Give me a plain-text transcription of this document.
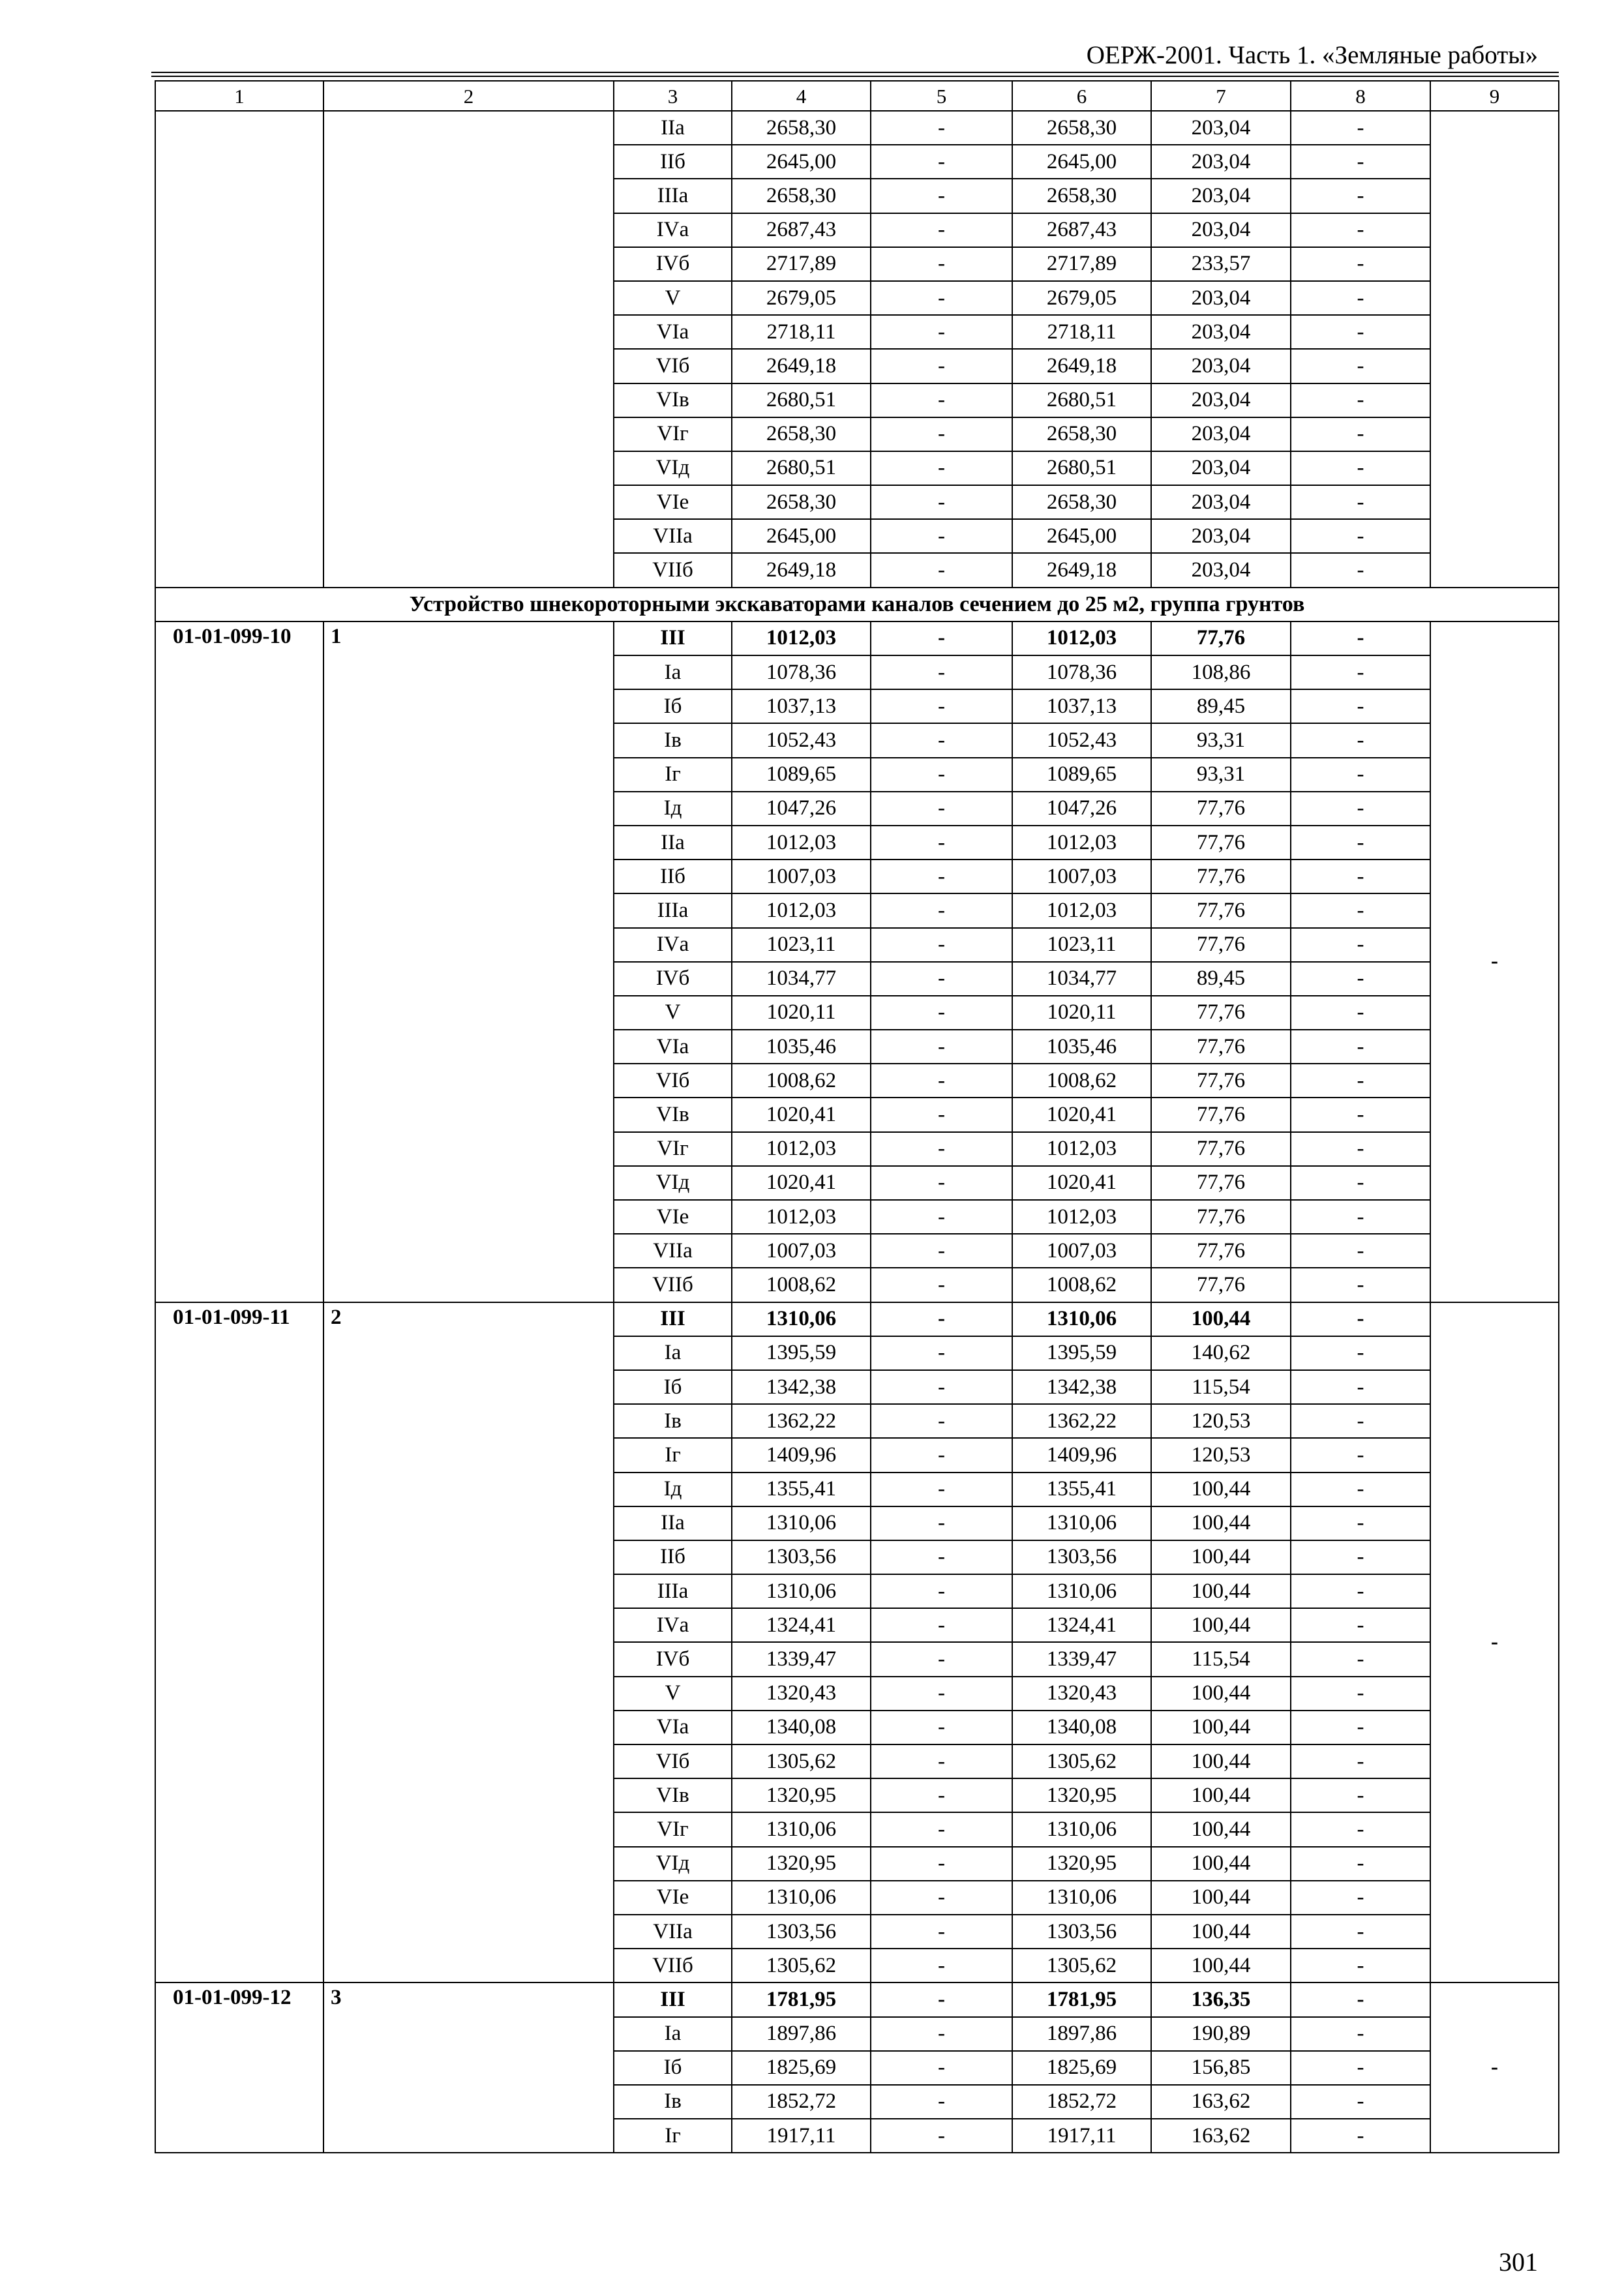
ОЕРЖ-2001. Часть 1. «Земляные работы»
1	2	3	4	5	6	7	8	9
		IIа	2658,30	-	2658,30	203,04	-	
		IIб	2645,00	-	2645,00	203,04	-	
		IIIа	2658,30	-	2658,30	203,04	-	
		IVа	2687,43	-	2687,43	203,04	-	
		IVб	2717,89	-	2717,89	233,57	-	
		V	2679,05	-	2679,05	203,04	-	
		VIа	2718,11	-	2718,11	203,04	-	
		VIб	2649,18	-	2649,18	203,04	-	
		VIв	2680,51	-	2680,51	203,04	-	
		VIг	2658,30	-	2658,30	203,04	-	
		VIд	2680,51	-	2680,51	203,04	-	
		VIе	2658,30	-	2658,30	203,04	-	
		VIIа	2645,00	-	2645,00	203,04	-	
		VIIб	2649,18	-	2649,18	203,04	-	
Устройство шнекороторными экскаваторами каналов сечением до 25 м2, группа грунтов								
01-01-099-10	1	III	1012,03	-	1012,03	77,76	-	-
		Iа	1078,36	-	1078,36	108,86	-	
		Iб	1037,13	-	1037,13	89,45	-	
		Iв	1052,43	-	1052,43	93,31	-	
		Iг	1089,65	-	1089,65	93,31	-	
		Iд	1047,26	-	1047,26	77,76	-	
		IIа	1012,03	-	1012,03	77,76	-	
		IIб	1007,03	-	1007,03	77,76	-	
		IIIа	1012,03	-	1012,03	77,76	-	
		IVа	1023,11	-	1023,11	77,76	-	
		IVб	1034,77	-	1034,77	89,45	-	
		V	1020,11	-	1020,11	77,76	-	
		VIа	1035,46	-	1035,46	77,76	-	
		VIб	1008,62	-	1008,62	77,76	-	
		VIв	1020,41	-	1020,41	77,76	-	
		VIг	1012,03	-	1012,03	77,76	-	
		VIд	1020,41	-	1020,41	77,76	-	
		VIе	1012,03	-	1012,03	77,76	-	
		VIIа	1007,03	-	1007,03	77,76	-	
		VIIб	1008,62	-	1008,62	77,76	-	
01-01-099-11	2	III	1310,06	-	1310,06	100,44	-	-
		Iа	1395,59	-	1395,59	140,62	-	
		Iб	1342,38	-	1342,38	115,54	-	
		Iв	1362,22	-	1362,22	120,53	-	
		Iг	1409,96	-	1409,96	120,53	-	
		Iд	1355,41	-	1355,41	100,44	-	
		IIа	1310,06	-	1310,06	100,44	-	
		IIб	1303,56	-	1303,56	100,44	-	
		IIIа	1310,06	-	1310,06	100,44	-	
		IVа	1324,41	-	1324,41	100,44	-	
		IVб	1339,47	-	1339,47	115,54	-	
		V	1320,43	-	1320,43	100,44	-	
		VIа	1340,08	-	1340,08	100,44	-	
		VIб	1305,62	-	1305,62	100,44	-	
		VIв	1320,95	-	1320,95	100,44	-	
		VIг	1310,06	-	1310,06	100,44	-	
		VIд	1320,95	-	1320,95	100,44	-	
		VIе	1310,06	-	1310,06	100,44	-	
		VIIа	1303,56	-	1303,56	100,44	-	
		VIIб	1305,62	-	1305,62	100,44	-	
01-01-099-12	3	III	1781,95	-	1781,95	136,35	-	-
		Iа	1897,86	-	1897,86	190,89	-	
		Iб	1825,69	-	1825,69	156,85	-	
		Iв	1852,72	-	1852,72	163,62	-	
		Iг	1917,11	-	1917,11	163,62	-	
301
